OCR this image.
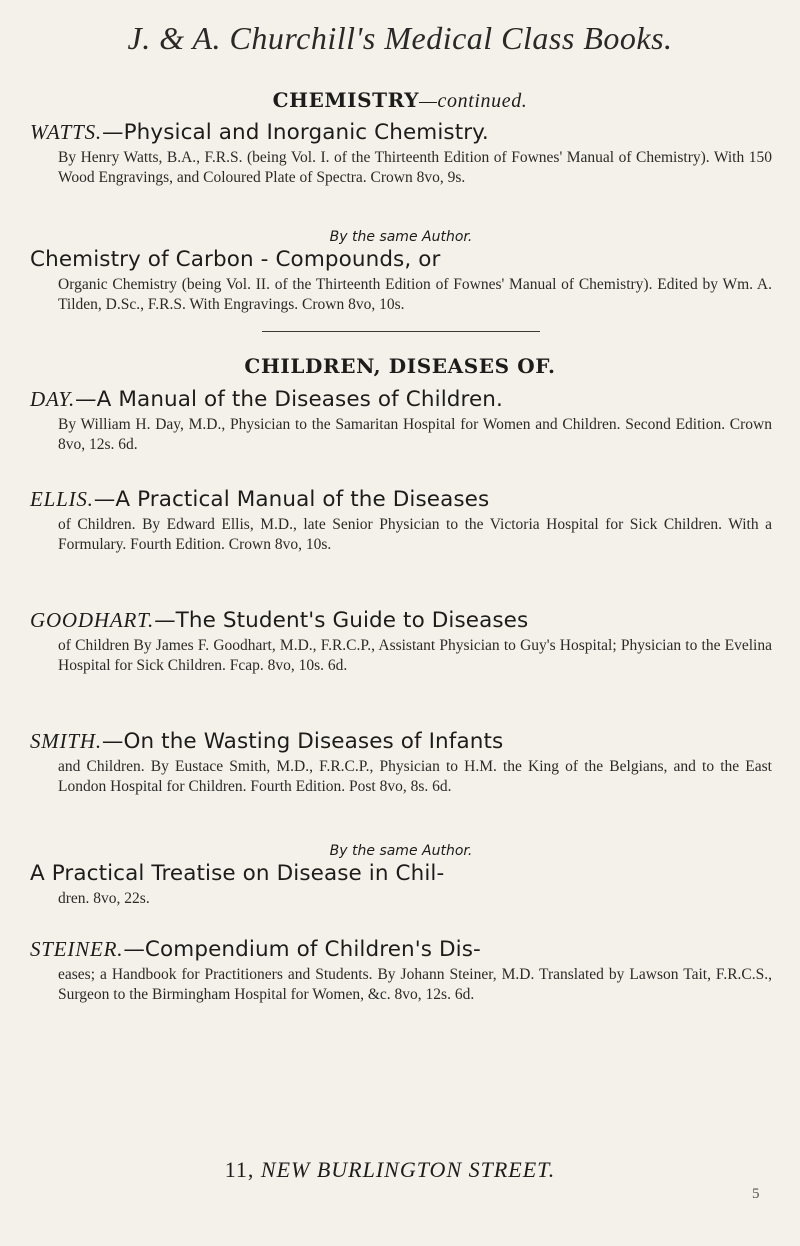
J. & A. Churchill's Medical Class Books.
CHEMISTRY—continued.
WATTS.—Physical and Inorganic Chemistry.
By Henry Watts, B.A., F.R.S. (being Vol. I. of the Thirteenth Edition of Fownes' Manual of Chemistry). With 150 Wood Engravings, and Coloured Plate of Spectra. Crown 8vo, 9s.
By the same Author.
Chemistry of Carbon - Compounds, or
Organic Chemistry (being Vol. II. of the Thirteenth Edition of Fownes' Manual of Chemistry). Edited by Wm. A. Tilden, D.Sc., F.R.S. With Engravings. Crown 8vo, 10s.
CHILDREN, DISEASES OF.
DAY.—A Manual of the Diseases of Children.
By William H. Day, M.D., Physician to the Samaritan Hospital for Women and Children. Second Edition. Crown 8vo, 12s. 6d.
ELLIS.—A Practical Manual of the Diseases
of Children. By Edward Ellis, M.D., late Senior Physician to the Victoria Hospital for Sick Children. With a Formulary. Fourth Edition. Crown 8vo, 10s.
GOODHART.—The Student's Guide to Diseases
of Children By James F. Goodhart, M.D., F.R.C.P., Assistant Physician to Guy's Hospital; Physician to the Evelina Hospital for Sick Children. Fcap. 8vo, 10s. 6d.
SMITH.—On the Wasting Diseases of Infants
and Children. By Eustace Smith, M.D., F.R.C.P., Physician to H.M. the King of the Belgians, and to the East London Hospital for Children. Fourth Edition. Post 8vo, 8s. 6d.
By the same Author.
A Practical Treatise on Disease in Chil-
dren. 8vo, 22s.
STEINER.—Compendium of Children's Dis-
eases; a Handbook for Practitioners and Students. By Johann Steiner, M.D. Translated by Lawson Tait, F.R.C.S., Surgeon to the Birmingham Hospital for Women, &c. 8vo, 12s. 6d.
11, NEW BURLINGTON STREET.
5
